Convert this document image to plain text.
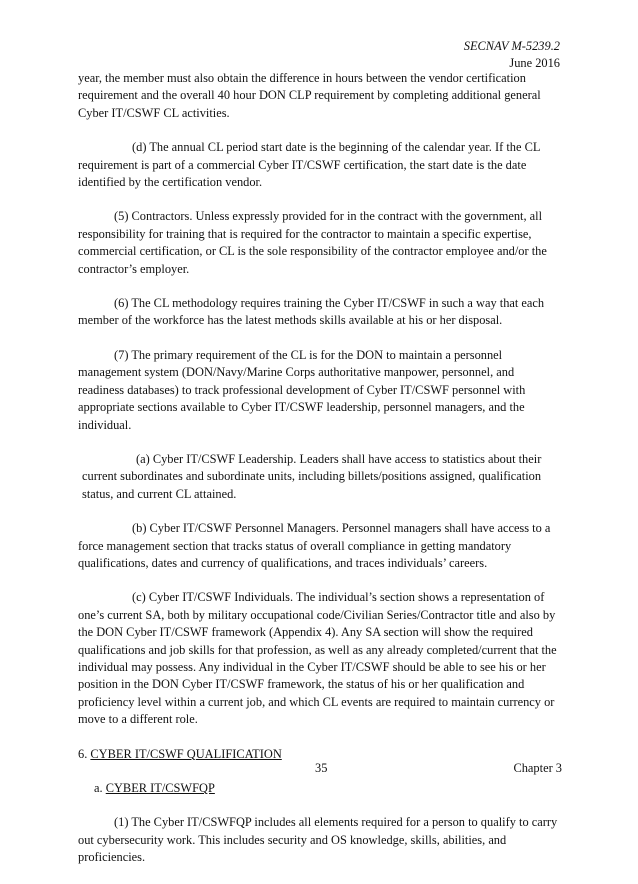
SECNAV M-5239.2
June 2016

year, the member must also obtain the difference in hours between the vendor certification requirement and the overall 40 hour DON CLP requirement by completing additional general Cyber IT/CSWF CL activities.

(d) The annual CL period start date is the beginning of the calendar year. If the CL requirement is part of a commercial Cyber IT/CSWF certification, the start date is the date identified by the certification vendor.

(5) Contractors. Unless expressly provided for in the contract with the government, all responsibility for training that is required for the contractor to maintain a specific expertise, commercial certification, or CL is the sole responsibility of the contractor employee and/or the contractor’s employer.

(6) The CL methodology requires training the Cyber IT/CSWF in such a way that each member of the workforce has the latest methods skills available at his or her disposal.

(7) The primary requirement of the CL is for the DON to maintain a personnel management system (DON/Navy/Marine Corps authoritative manpower, personnel, and readiness databases) to track professional development of Cyber IT/CSWF personnel with appropriate sections available to Cyber IT/CSWF leadership, personnel managers, and the individual.

(a) Cyber IT/CSWF Leadership. Leaders shall have access to statistics about their current subordinates and subordinate units, including billets/positions assigned, qualification status, and current CL attained.

(b) Cyber IT/CSWF Personnel Managers. Personnel managers shall have access to a force management section that tracks status of overall compliance in getting mandatory qualifications, dates and currency of qualifications, and traces individuals’ careers.

(c) Cyber IT/CSWF Individuals. The individual’s section shows a representation of one’s current SA, both by military occupational code/Civilian Series/Contractor title and also by the DON Cyber IT/CSWF framework (Appendix 4). Any SA section will show the required qualifications and job skills for that profession, as well as any already completed/current that the individual may possess. Any individual in the Cyber IT/CSWF should be able to see his or her position in the DON Cyber IT/CSWF framework, the status of his or her qualification and proficiency level within a current job, and which CL events are required to maintain currency or move to a different role.

6. CYBER IT/CSWF QUALIFICATION
a. CYBER IT/CSWFQP

(1) The Cyber IT/CSWFQP includes all elements required for a person to qualify to carry out cybersecurity work. This includes security and OS knowledge, skills, abilities, and proficiencies.

35	Chapter 3
